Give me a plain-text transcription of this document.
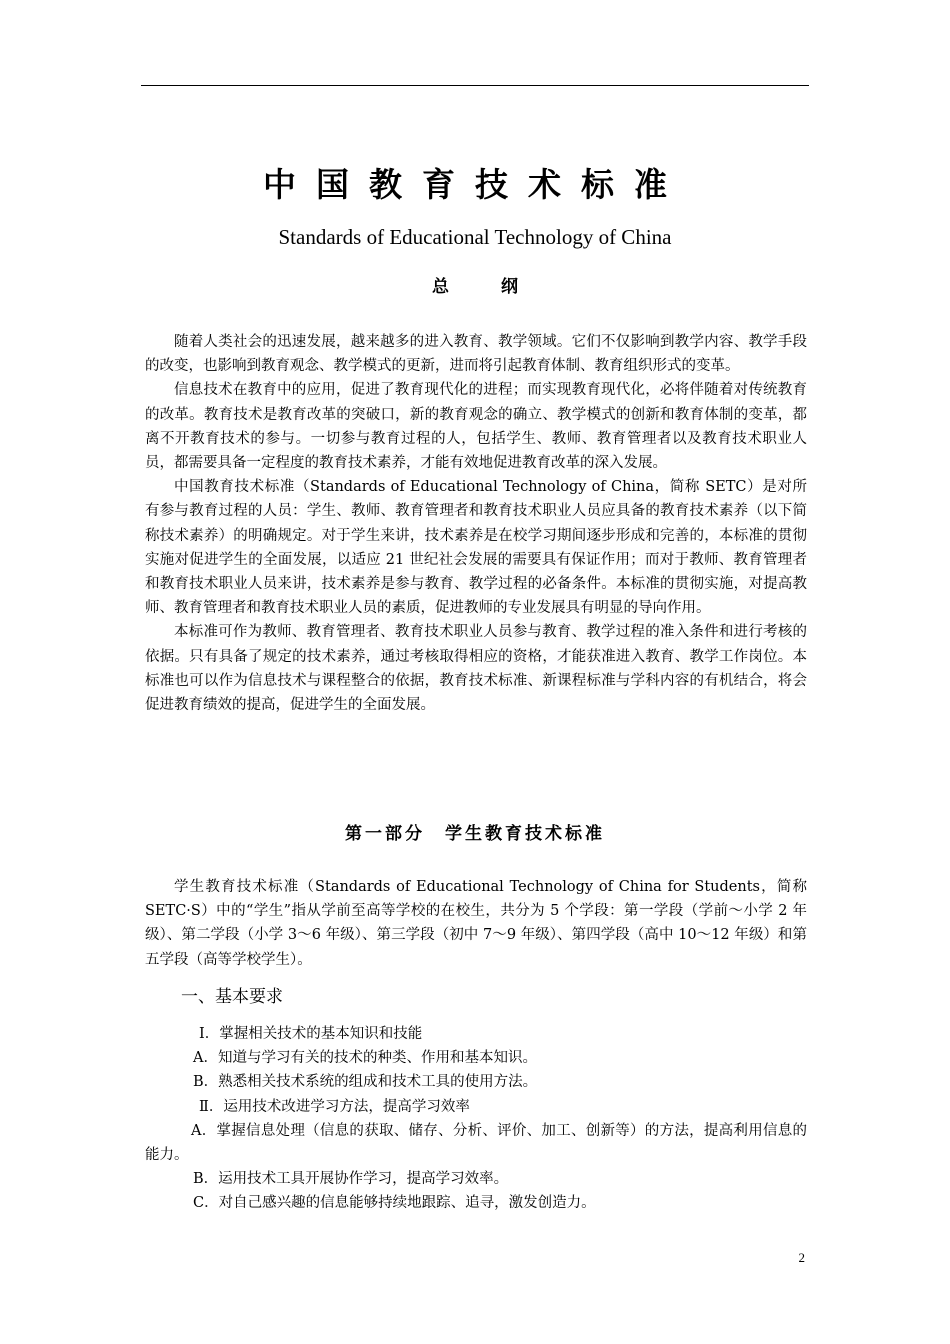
中国教育技术标准
Standards of Educational Technology of China
总纲

随着人类社会的迅速发展，越来越多的进入教育、教学领域。它们不仅影响到教学内容、教学手段的改变，也影响到教育观念、教学模式的更新，进而将引起教育体制、教育组织形式的变革。

信息技术在教育中的应用，促进了教育现代化的进程；而实现教育现代化，必将伴随着对传统教育的改革。教育技术是教育改革的突破口，新的教育观念的确立、教学模式的创新和教育体制的变革，都离不开教育技术的参与。一切参与教育过程的人，包括学生、教师、教育管理者以及教育技术职业人员，都需要具备一定程度的教育技术素养，才能有效地促进教育改革的深入发展。

中国教育技术标准（Standards of Educational Technology of China，简称 SETC）是对所有参与教育过程的人员：学生、教师、教育管理者和教育技术职业人员应具备的教育技术素养（以下简称技术素养）的明确规定。对于学生来讲，技术素养是在校学习期间逐步形成和完善的，本标准的贯彻实施对促进学生的全面发展，以适应 21 世纪社会发展的需要具有保证作用；而对于教师、教育管理者和教育技术职业人员来讲，技术素养是参与教育、教学过程的必备条件。本标准的贯彻实施，对提高教师、教育管理者和教育技术职业人员的素质，促进教师的专业发展具有明显的导向作用。

本标准可作为教师、教育管理者、教育技术职业人员参与教育、教学过程的准入条件和进行考核的依据。只有具备了规定的技术素养，通过考核取得相应的资格，才能获准进入教育、教学工作岗位。本标准也可以作为信息技术与课程整合的依据，教育技术标准、新课程标准与学科内容的有机结合，将会促进教育绩效的提高，促进学生的全面发展。

第一部分　学生教育技术标准

学生教育技术标准（Standards of Educational Technology of China for Students，简称 SETC·S）中的“学生”指从学前至高等学校的在校生，共分为 5 个学段：第一学段（学前～小学 2 年级）、第二学段（小学 3～6 年级）、第三学段（初中 7～9 年级）、第四学段（高中 10～12 年级）和第五学段（高等学校学生）。

一、基本要求

Ⅰ．掌握相关技术的基本知识和技能

A．知道与学习有关的技术的种类、作用和基本知识。

B．熟悉相关技术系统的组成和技术工具的使用方法。

Ⅱ．运用技术改进学习方法，提高学习效率

A．掌握信息处理（信息的获取、储存、分析、评价、加工、创新等）的方法，提高利用信息的能力。

B．运用技术工具开展协作学习，提高学习效率。

C．对自己感兴趣的信息能够持续地跟踪、追寻，激发创造力。

2
